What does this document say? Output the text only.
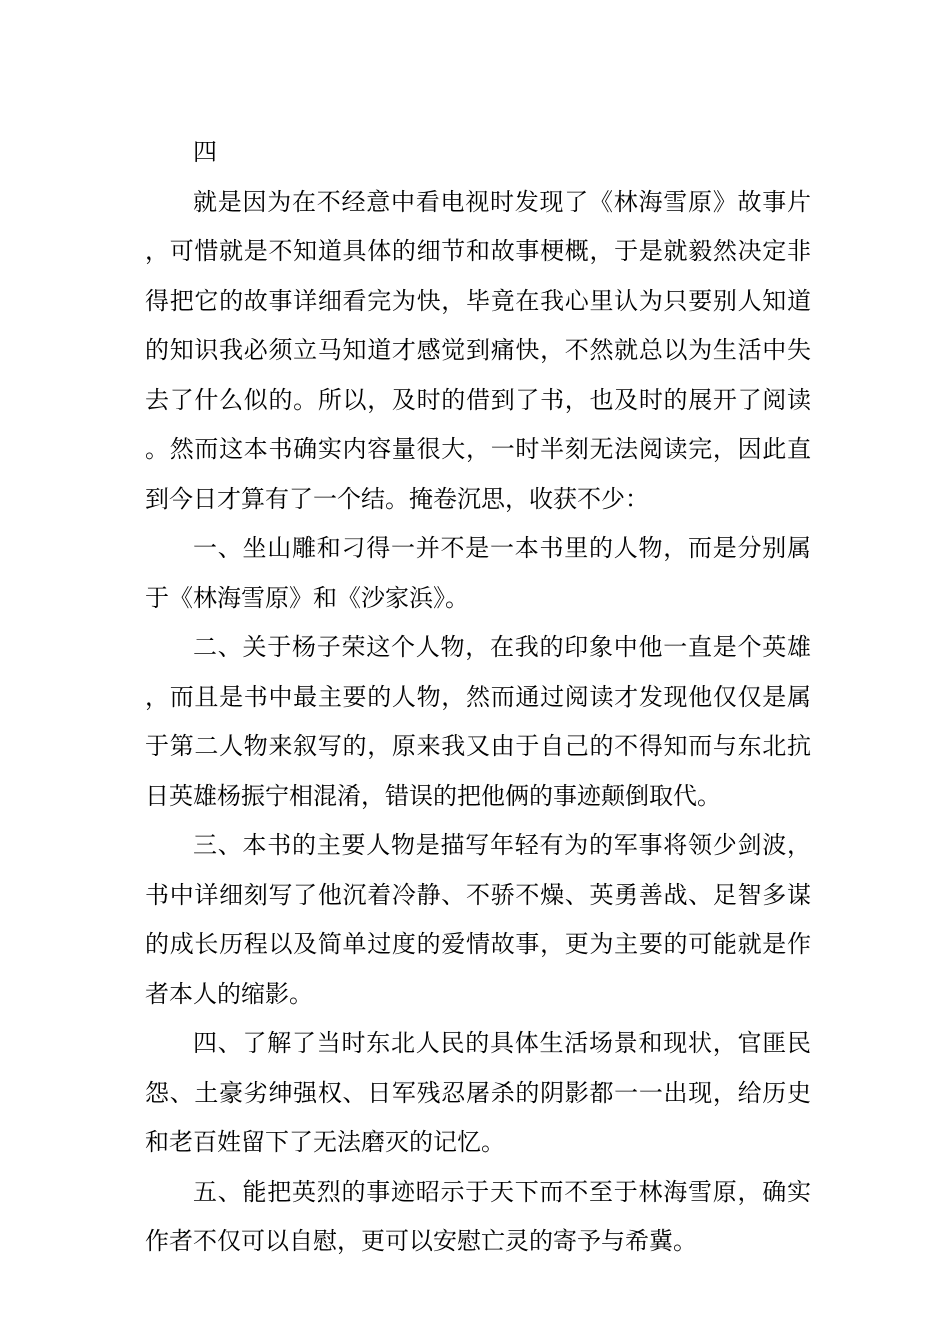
四

就是因为在不经意中看电视时发现了《林海雪原》故事片，可惜就是不知道具体的细节和故事梗概，于是就毅然决定非得把它的故事详细看完为快，毕竟在我心里认为只要别人知道的知识我必须立马知道才感觉到痛快，不然就总以为生活中失去了什么似的。所以，及时的借到了书，也及时的展开了阅读。然而这本书确实内容量很大，一时半刻无法阅读完，因此直到今日才算有了一个结。掩卷沉思，收获不少：

一、坐山雕和刁得一并不是一本书里的人物，而是分别属于《林海雪原》和《沙家浜》。

二、关于杨子荣这个人物，在我的印象中他一直是个英雄，而且是书中最主要的人物，然而通过阅读才发现他仅仅是属于第二人物来叙写的，原来我又由于自己的不得知而与东北抗日英雄杨振宁相混淆，错误的把他俩的事迹颠倒取代。

三、本书的主要人物是描写年轻有为的军事将领少剑波，书中详细刻写了他沉着冷静、不骄不燥、英勇善战、足智多谋的成长历程以及简单过度的爱情故事，更为主要的可能就是作者本人的缩影。

四、了解了当时东北人民的具体生活场景和现状，官匪民怨、土豪劣绅强权、日军残忍屠杀的阴影都一一出现，给历史和老百姓留下了无法磨灭的记忆。

五、能把英烈的事迹昭示于天下而不至于林海雪原，确实作者不仅可以自慰，更可以安慰亡灵的寄予与希冀。
